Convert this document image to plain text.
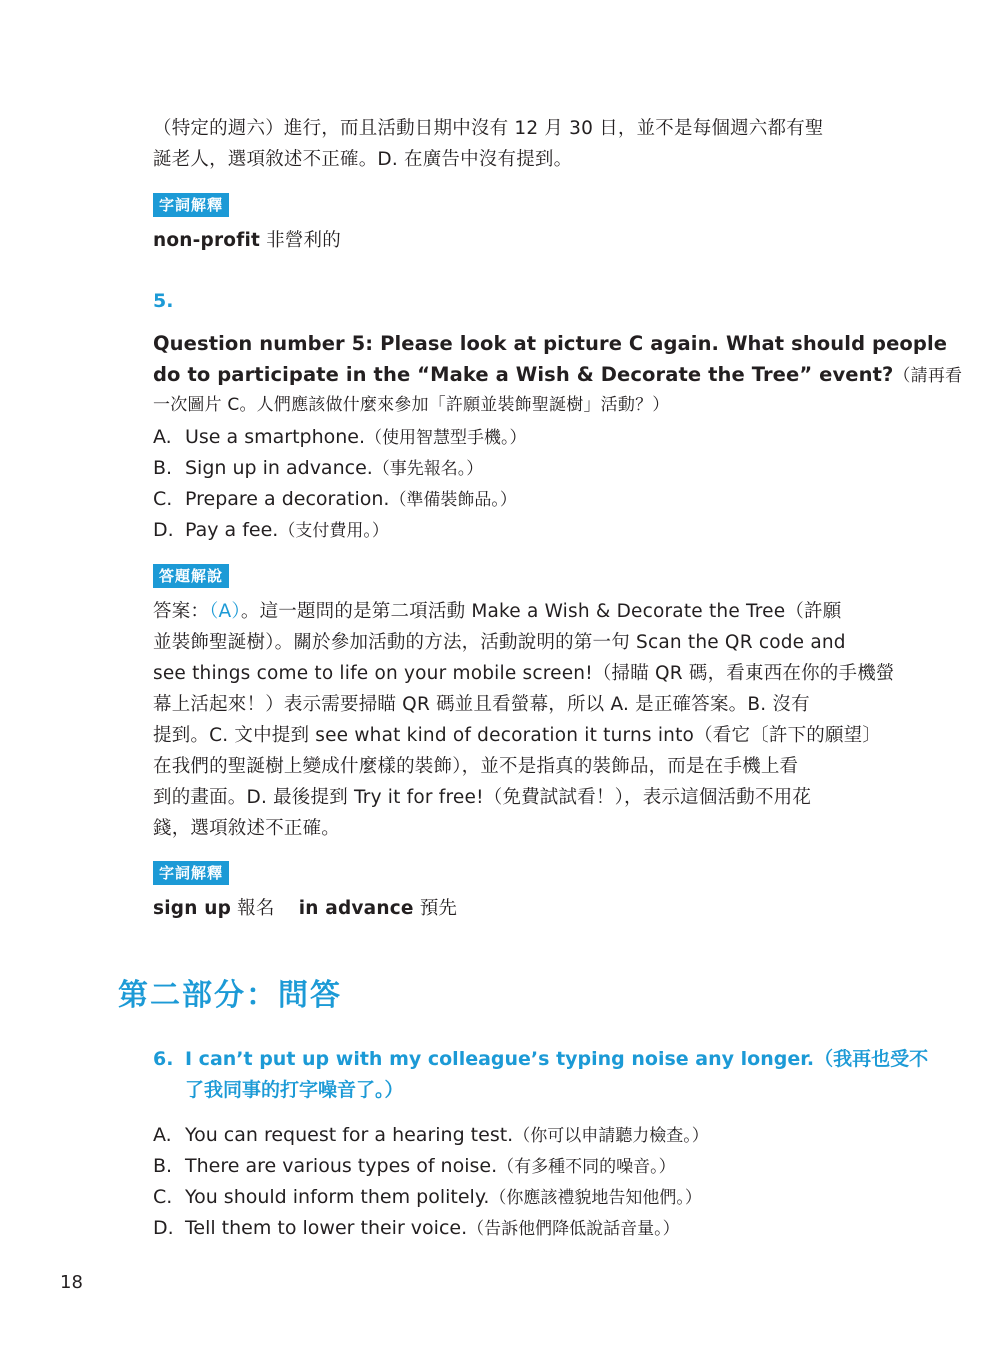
（特定的週六）進行，而且活動日期中沒有 12 月 30 日，並不是每個週六都有聖
誕老人，選項敘述不正確。D. 在廣告中沒有提到。
字詞解釋
non-profit 非營利的
5.
Question number 5: Please look at picture C again. What should people
do to participate in the “Make a Wish & Decorate the Tree” event?（請再看
一次圖片 C。人們應該做什麼來參加「許願並裝飾聖誕樹」活動？）
A. Use a smartphone.（使用智慧型手機。）
B. Sign up in advance.（事先報名。）
C. Prepare a decoration.（準備裝飾品。）
D. Pay a fee.（支付費用。）
答題解說
答案：（A）。這一題問的是第二項活動 Make a Wish & Decorate the Tree（許願
並裝飾聖誕樹）。關於參加活動的方法，活動說明的第一句 Scan the QR code and
see things come to life on your mobile screen!（掃瞄 QR 碼，看東西在你的手機螢
幕上活起來！）表示需要掃瞄 QR 碼並且看螢幕，所以 A. 是正確答案。B. 沒有
提到。C. 文中提到 see what kind of decoration it turns into（看它〔許下的願望〕
在我們的聖誕樹上變成什麼樣的裝飾），並不是指真的裝飾品，而是在手機上看
到的畫面。D. 最後提到 Try it for free!（免費試試看！），表示這個活動不用花
錢，選項敘述不正確。
字詞解釋
sign up 報名 in advance 預先
第二部分：問答
6. I can’t put up with my colleague’s typing noise any longer.（我再也受不
了我同事的打字噪音了。）
A. You can request for a hearing test.（你可以申請聽力檢查。）
B. There are various types of noise.（有多種不同的噪音。）
C. You should inform them politely.（你應該禮貌地告知他們。）
D. Tell them to lower their voice.（告訴他們降低說話音量。）
18
